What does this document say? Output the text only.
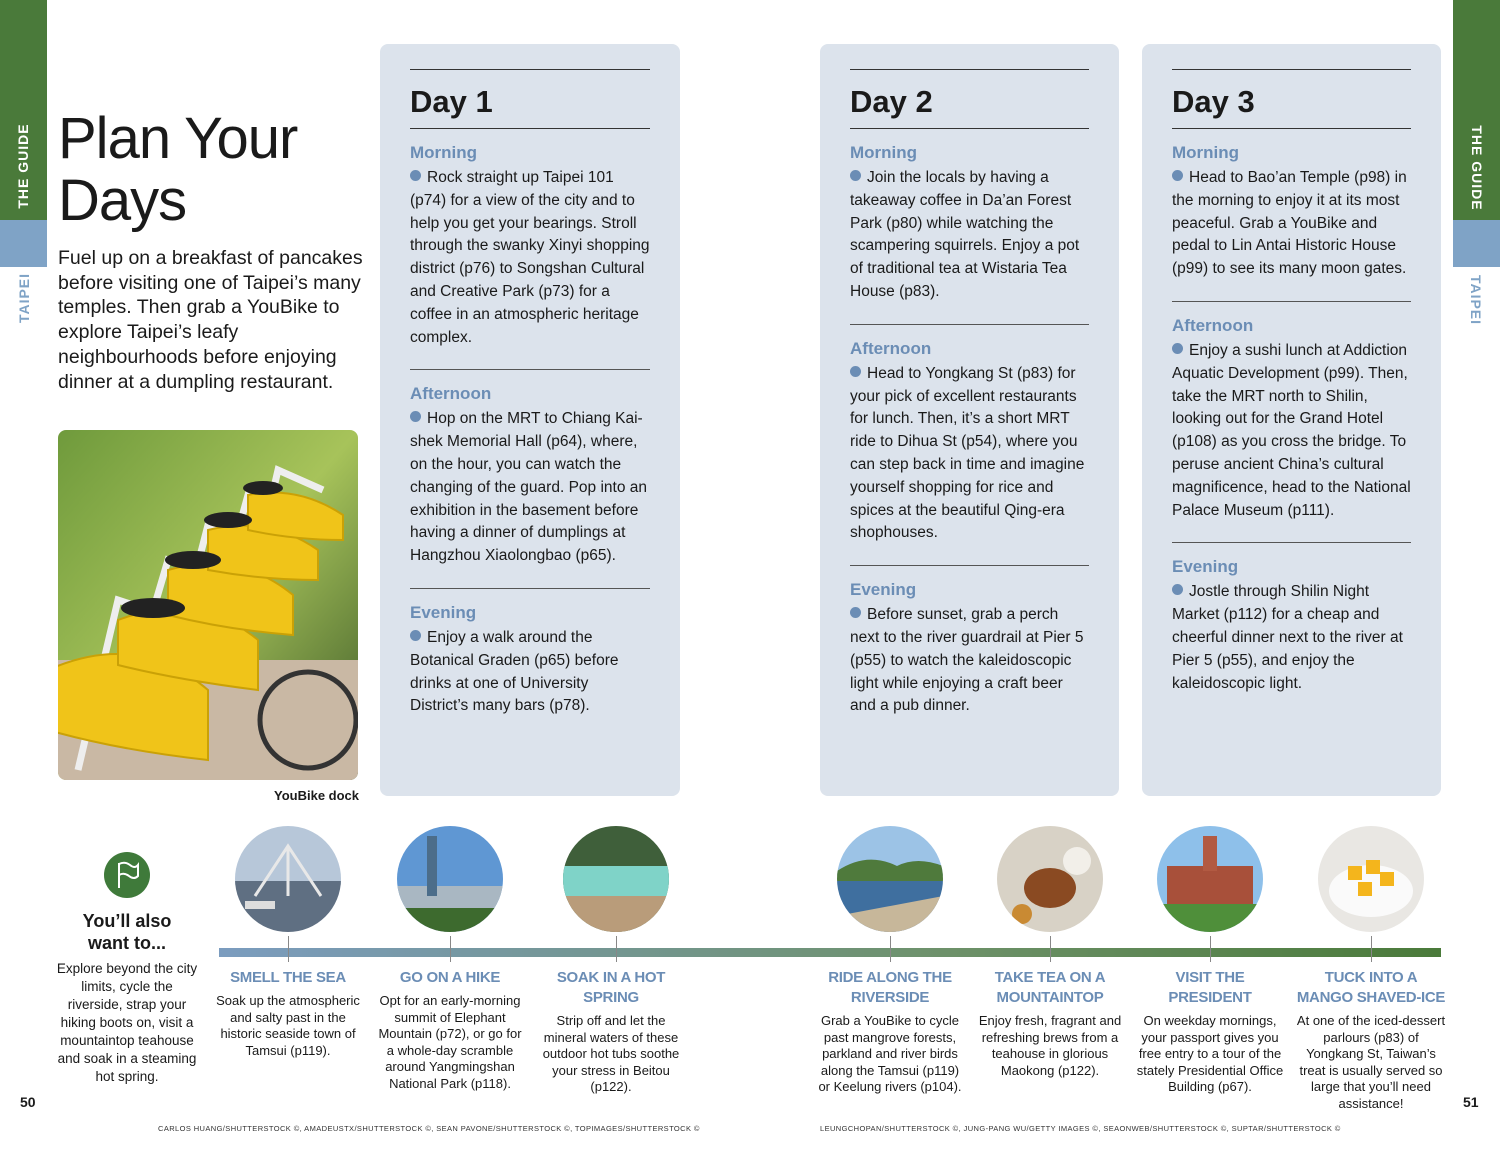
THE GUIDE
TAIPEI
50
THE GUIDE
TAIPEI
51
Plan Your
Days

Fuel up on a breakfast of pancakes before visiting one of Taipei’s many temples. Then grab a YouBike to explore Taipei’s leafy neighbourhoods before enjoying dinner at a dumpling restaurant.

YouBike dock
Day 1
Morning

Rock straight up Taipei 101 (p74) for a view of the city and to help you get your bearings. Stroll through the swanky Xinyi shopping district (p76) to Songshan Cultural and Creative Park (p73) for a coffee in an atmospheric heritage complex.

Afternoon

Hop on the MRT to Chiang Kai-shek Memorial Hall (p64), where, on the hour, you can watch the changing of the guard. Pop into an exhibition in the basement before having a dinner of dumplings at Hangzhou Xiaolongbao (p65).

Evening

Enjoy a walk around the Botanical Graden (p65) before drinks at one of University District’s many bars (p78).

Day 2
Morning

Join the locals by having a takeaway coffee in Da’an Forest Park (p80) while watching the scampering squirrels. Enjoy a pot of traditional tea at Wistaria Tea House (p83).

Afternoon

Head to Yongkang St (p83) for your pick of excellent restaurants for lunch. Then, it’s a short MRT ride to Dihua St (p54), where you can step back in time and imagine yourself shopping for rice and spices at the beautiful Qing-era shophouses.

Evening

Before sunset, grab a perch next to the river guardrail at Pier 5 (p55) to watch the kaleidoscopic light while enjoying a craft beer and a pub dinner.

Day 3
Morning

Head to Bao’an Temple (p98) in the morning to enjoy it at its most peaceful. Grab a YouBike and pedal to Lin Antai Historic House (p99) to see its many moon gates.

Afternoon

Enjoy a sushi lunch at Addiction Aquatic Development (p99). Then, take the MRT north to Shilin, looking out for the Grand Hotel (p108) as you cross the bridge. To peruse ancient China’s cultural magnificence, head to the National Palace Museum (p111).

Evening

Jostle through Shilin Night Market (p112) for a cheap and cheerful dinner next to the river at Pier 5 (p55), and enjoy the kaleidoscopic light.

You’ll also want to...
Explore beyond the city limits, cycle the riverside, strap your hiking boots on, visit a mountaintop teahouse and soak in a steaming hot spring.
SMELL THE SEA
Soak up the atmospheric and salty past in the historic seaside town of Tamsui (p119).
GO ON A HIKE
Opt for an early-morning summit of Elephant Mountain (p72), or go for a whole-day scramble around Yangmingshan National Park (p118).
SOAK IN A HOT SPRING
Strip off and let the mineral waters of these outdoor hot tubs soothe your stress in Beitou (p122).
RIDE ALONG THE RIVERSIDE
Grab a YouBike to cycle past mangrove forests, parkland and river birds along the Tamsui (p119) or Keelung rivers (p104).
TAKE TEA ON A MOUNTAINTOP
Enjoy fresh, fragrant and refreshing brews from a teahouse in glorious Maokong (p122).
VISIT THE PRESIDENT
On weekday mornings, your passport gives you free entry to a tour of the stately Presidential Office Building (p67).
TUCK INTO A MANGO SHAVED-ICE
At one of the iced-dessert parlours (p83) of Yongkang St, Taiwan’s treat is usually served so large that you’ll need assistance!
CARLOS HUANG/SHUTTERSTOCK ©, AMADEUSTX/SHUTTERSTOCK ©, SEAN PAVONE/SHUTTERSTOCK ©, TOPIMAGES/SHUTTERSTOCK ©	LEUNGCHOPAN/SHUTTERSTOCK ©, JUNG-PANG WU/GETTY IMAGES ©, SEAONWEB/SHUTTERSTOCK ©, SUPTAR/SHUTTERSTOCK ©
